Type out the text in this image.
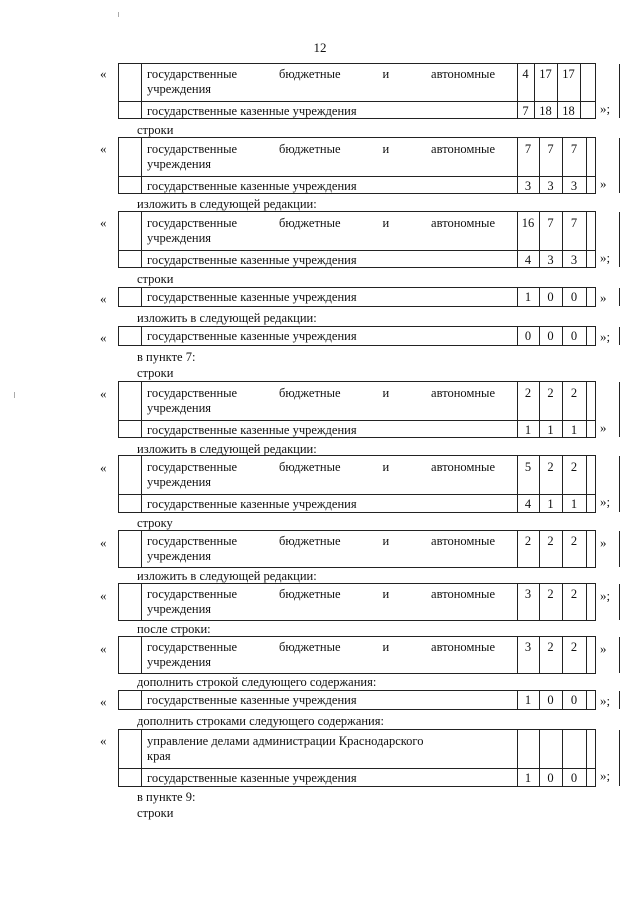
12
«	государственные бюджетные и автономные
учреждения
4 17 17
государственные казенные учреждения	7 18 18	»;
строки
«	государственные бюджетные и автономные
учреждения
7	7	7
государственные казенные учреждения	3	3	3	»
изложить в следующей редакции:
«	государственные бюджетные и автономные
учреждения
16	7	7
государственные казенные учреждения	4	3	3	»;
строки
«	государственные казенные учреждения	1	0	0	»
изложить в следующей редакции:
«	государственные казенные учреждения	0	0	0	»;
в пункте 7:
строки
«	государственные бюджетные и автономные
учреждения
2	2	2
государственные казенные учреждения	1	1	1	»
изложить в следующей редакции:
«	государственные бюджетные и автономные
учреждения
5	2	2
государственные казенные учреждения	4	1	1	»;
строку
«	государственные бюджетные и автономные
учреждения
2	2	2	»
изложить в следующей редакции:
«	государственные бюджетные и автономные
учреждения
3	2	2	»;
после строки:
«	государственные бюджетные и автономные
учреждения
3	2	2	»
дополнить строкой следующего содержания:
«	государственные казенные учреждения	1	0	0	»;
дополнить строками следующего содержания:
«	управление делами администрации Краснодарского
края
государственные казенные учреждения	1	0	0	»;
в пункте 9:
строки
